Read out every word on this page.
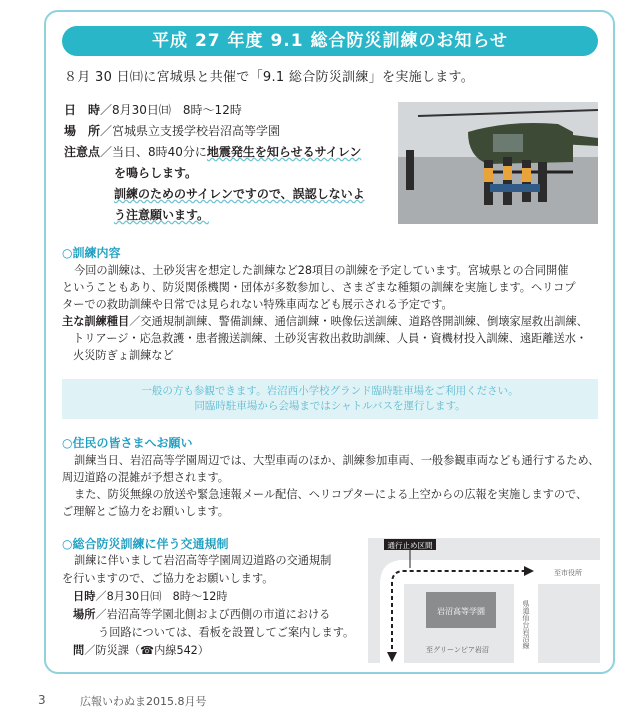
平成 27 年度 9.1 総合防災訓練のお知らせ
８月 30 日㈰に宮城県と共催で「9.1 総合防災訓練」を実施します。
日　時 ／8月30日㈰　8時～12時
場　所 ／宮城県立支援学校岩沼高等学園
注意点 ／当日、8時40分に 地震発生を知らせるサイレン
を鳴らします。
訓練のためのサイレンですので、誤認しないよ
う注意願います。
○訓練内容

今回の訓練は、土砂災害を想定した訓練など28項目の訓練を予定しています。宮城県との合同開催

ということもあり、防災関係機関・団体が多数参加し、さまざまな種類の訓練を実施します。ヘリコプ

ターでの救助訓練や日常では見られない特殊車両なども展示される予定です。

主な訓練種目／交通規制訓練、警備訓練、通信訓練・映像伝送訓練、道路啓開訓練、倒壊家屋救出訓練、

トリアージ・応急救護・患者搬送訓練、土砂災害救出救助訓練、人員・資機材投入訓練、遠距離送水・

火災防ぎょ訓練など

一般の方も参観できます。岩沼西小学校グランド臨時駐車場をご利用ください。
同臨時駐車場から会場まではシャトルバスを運行します。
○住民の皆さまへお願い

訓練当日、岩沼高等学園周辺では、大型車両のほか、訓練参加車両、一般参観車両なども通行するため、

周辺道路の混雑が予想されます。

また、防災無線の放送や緊急速報メール配信、ヘリコプターによる上空からの広報を実施しますので、

ご理解とご協力をお願いします。

○総合防災訓練に伴う交通規制

訓練に伴いまして岩沼高等学園周辺道路の交通規制

を行いますので、ご協力をお願いします。

日時／8月30日㈰　8時～12時

場所／岩沼高等学園北側および西側の市道における

う回路については、看板を設置してご案内します。

問／防災課（☎内線542）

岩沼高等学園
通行止め区間
至市役所
県道仙台岩沼線
至グリーンピア岩沼
3	広報いわぬま2015.8月号
